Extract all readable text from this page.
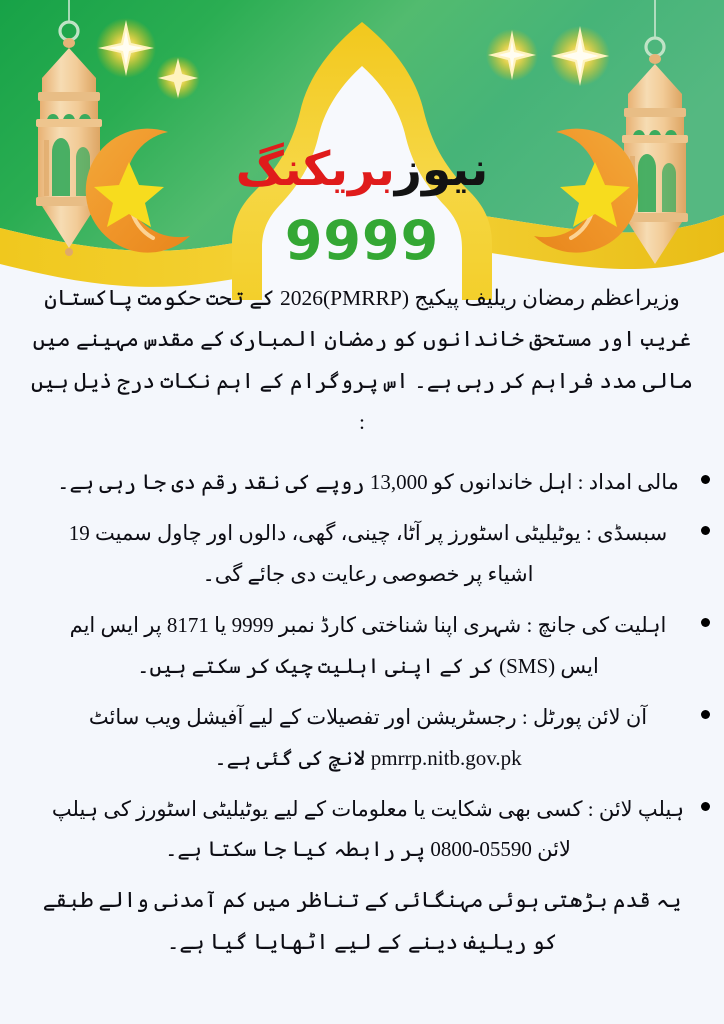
نیوزبریکنگ
9999

وزیراعظم رمضان ریلیف پیکیج (PMRRP)2026 کے تحت حکومت پاکستان غریب اور مستحق خاندانوں کو رمضان المبارک کے مقدس مہینے میں مالی مدد فراہم کر رہی ہے۔ اس پروگرام کے اہم نکات درج ذیل ہیں :

مالی امداد : اہل خاندانوں کو 13,000 روپے کی نقد رقم دی جا رہی ہے۔
سبسڈی : یوٹیلیٹی اسٹورز پر آٹا، چینی، گھی، دالوں اور چاول سمیت 19 اشیاء پر خصوصی رعایت دی جائے گی۔
اہلیت کی جانچ : شہری اپنا شناختی کارڈ نمبر 9999 یا 8171 پر ایس ایم ایس (SMS) کر کے اپنی اہلیت چیک کر سکتے ہیں۔
آن لائن پورٹل : رجسٹریشن اور تفصیلات کے لیے آفیشل ویب سائٹ pmrrp.nitb.gov.pk لانچ کی گئی ہے۔
ہیلپ لائن : کسی بھی شکایت یا معلومات کے لیے یوٹیلیٹی اسٹورز کی ہیلپ لائن 05590-0800 پر رابطہ کیا جا سکتا ہے۔

یہ قدم بڑھتی ہوئی مہنگائی کے تناظر میں کم آمدنی والے طبقے کو ریلیف دینے کے لیے اٹھایا گیا ہے۔
